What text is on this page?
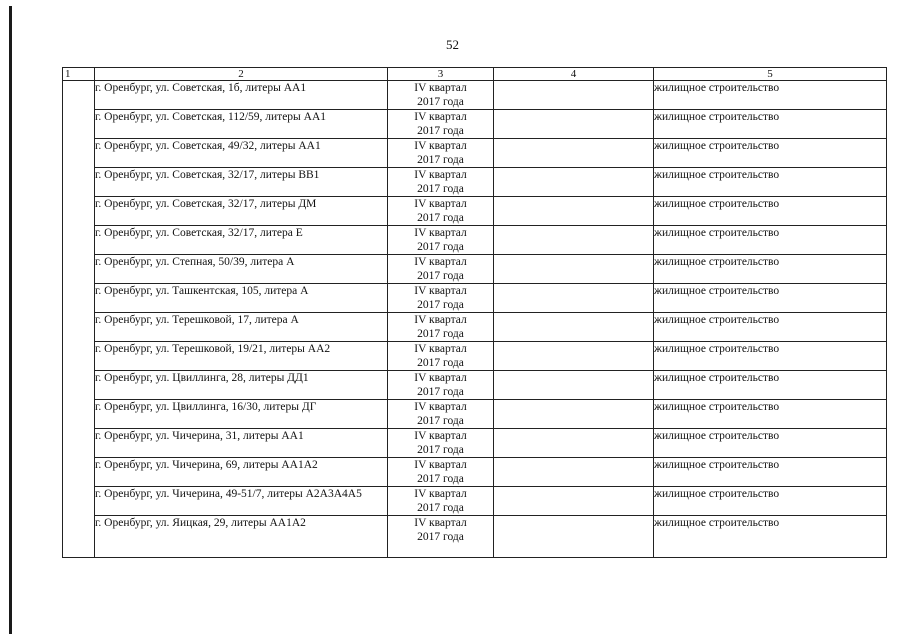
52
1	2	3	4	5
	г. Оренбург, ул. Советская, 1б, литеры АА1	IV квартал
2017 года		жилищное строительство
	г. Оренбург, ул. Советская, 112/59, литеры АА1	IV квартал
2017 года		жилищное строительство
	г. Оренбург, ул. Советская, 49/32, литеры АА1	IV квартал
2017 года		жилищное строительство
	г. Оренбург, ул. Советская, 32/17, литеры ВВ1	IV квартал
2017 года		жилищное строительство
	г. Оренбург, ул. Советская, 32/17, литеры ДМ	IV квартал
2017 года		жилищное строительство
	г. Оренбург, ул. Советская, 32/17, литера Е	IV квартал
2017 года		жилищное строительство
	г. Оренбург, ул. Степная, 50/39, литера А	IV квартал
2017 года		жилищное строительство
	г. Оренбург, ул. Ташкентская, 105, литера А	IV квартал
2017 года		жилищное строительство
	г. Оренбург, ул. Терешковой, 17, литера А	IV квартал
2017 года		жилищное строительство
	г. Оренбург, ул. Терешковой, 19/21, литеры АА2	IV квартал
2017 года		жилищное строительство
	г. Оренбург, ул. Цвиллинга, 28, литеры ДД1	IV квартал
2017 года		жилищное строительство
	г. Оренбург, ул. Цвиллинга, 16/30, литеры ДГ	IV квартал
2017 года		жилищное строительство
	г. Оренбург, ул. Чичерина, 31, литеры АА1	IV квартал
2017 года		жилищное строительство
	г. Оренбург, ул. Чичерина, 69, литеры АА1А2	IV квартал
2017 года		жилищное строительство
	г. Оренбург, ул. Чичерина, 49-51/7, литеры А2А3А4А5	IV квартал
2017 года		жилищное строительство
	г. Оренбург, ул. Яицкая, 29, литеры АА1А2	IV квартал
2017 года		жилищное строительство
